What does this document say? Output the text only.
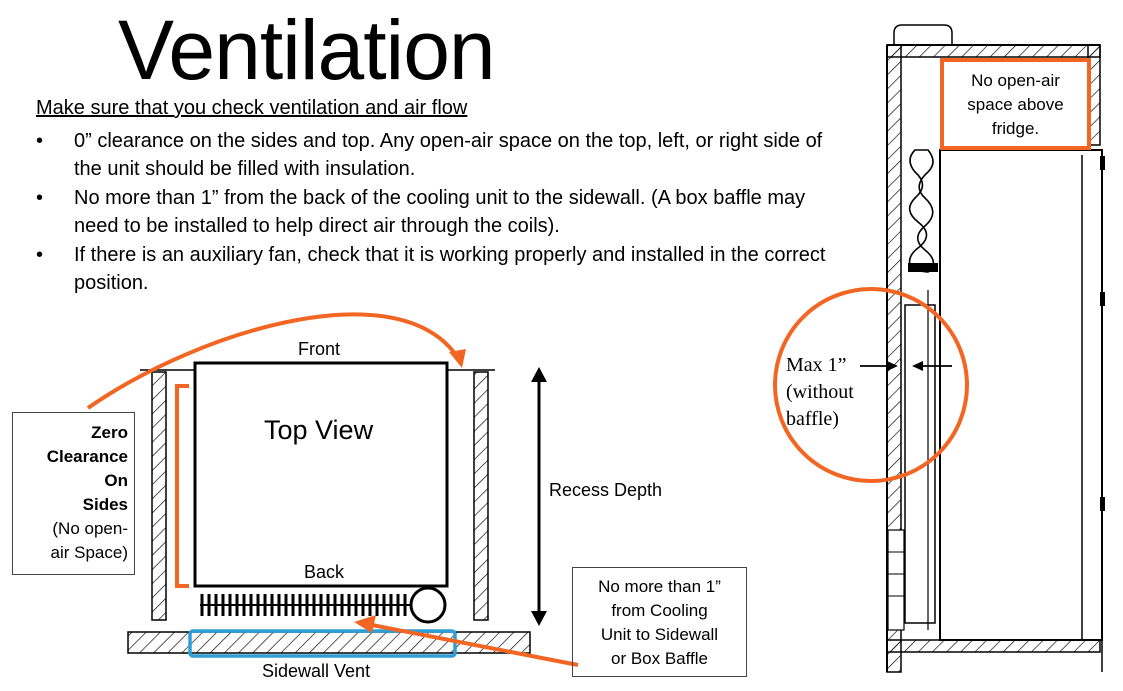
Ventilation
Make sure that you check ventilation and air flow
• 0” clearance on the sides and top. Any open-air space on the top, left, or right side of the unit should be filled with insulation.
• No more than 1” from the back of the cooling unit to the sidewall. (A box baffle may need to be installed to help direct air through the coils).
• If there is an auxiliary fan, check that it is working properly and installed in the correct position.
Front
Top View
Back
Recess Depth
Sidewall Vent
Zero
Clearance
On
Sides
(No open-
air Space)
No more than 1”
from Cooling
Unit to Sidewall
or Box Baffle
No open-air
space above
fridge.
Max 1”
(without
baffle)
